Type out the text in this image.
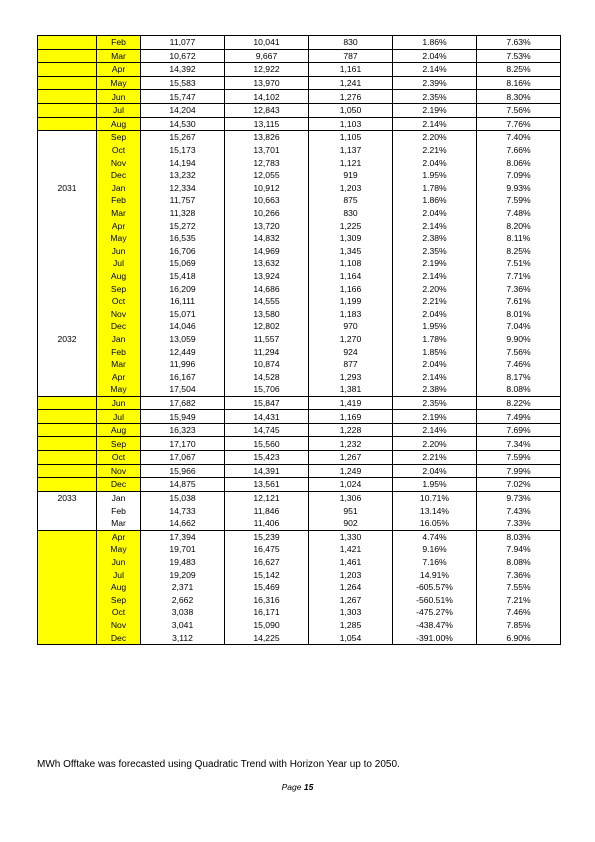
	Feb	11,077	10,041	830	1.86%	7.63%
	Mar	10,672	9,667	787	2.04%	7.53%
	Apr	14,392	12,922	1,161	2.14%	8.25%
	May	15,583	13,970	1,241	2.39%	8.16%
	Jun	15,747	14,102	1,276	2.35%	8.30%
	Jul	14,204	12,843	1,050	2.19%	7.56%
	Aug	14,530	13,115	1,103	2.14%	7.76%
	Sep	15,267	13,826	1,105	2.20%	7.40%
	Oct	15,173	13,701	1,137	2.21%	7.66%
	Nov	14,194	12,783	1,121	2.04%	8.06%
	Dec	13,232	12,055	919	1.95%	7.09%
2031	Jan	12,334	10,912	1,203	1.78%	9.93%
	Feb	11,757	10,663	875	1.86%	7.59%
	Mar	11,328	10,266	830	2.04%	7.48%
	Apr	15,272	13,720	1,225	2.14%	8.20%
	May	16,535	14,832	1,309	2.38%	8.11%
	Jun	16,706	14,969	1,345	2.35%	8.25%
	Jul	15,069	13,632	1,108	2.19%	7.51%
	Aug	15,418	13,924	1,164	2.14%	7.71%
	Sep	16,209	14,686	1,166	2.20%	7.36%
	Oct	16,111	14,555	1,199	2.21%	7.61%
	Nov	15,071	13,580	1,183	2.04%	8.01%
	Dec	14,046	12,802	970	1.95%	7.04%
2032	Jan	13,059	11,557	1,270	1.78%	9.90%
	Feb	12,449	11,294	924	1.85%	7.56%
	Mar	11,996	10,874	877	2.04%	7.46%
	Apr	16,167	14,528	1,293	2.14%	8.17%
	May	17,504	15,706	1,381	2.38%	8.08%
	Jun	17,682	15,847	1,419	2.35%	8.22%
	Jul	15,949	14,431	1,169	2.19%	7.49%
	Aug	16,323	14,745	1,228	2.14%	7.69%
	Sep	17,170	15,560	1,232	2.20%	7.34%
	Oct	17,067	15,423	1,267	2.21%	7.59%
	Nov	15,966	14,391	1,249	2.04%	7.99%
	Dec	14,875	13,561	1,024	1.95%	7.02%
2033	Jan	15,038	12,121	1,306	10.71%	9.73%
	Feb	14,733	11,846	951	13.14%	7.43%
	Mar	14,662	11,406	902	16.05%	7.33%
	Apr	17,394	15,239	1,330	4.74%	8.03%
	May	19,701	16,475	1,421	9.16%	7.94%
	Jun	19,483	16,627	1,461	7.16%	8.08%
	Jul	19,209	15,142	1,203	14.91%	7.36%
	Aug	2,371	15,469	1,264	-605.57%	7.55%
	Sep	2,662	16,316	1,267	-560.51%	7.21%
	Oct	3,038	16,171	1,303	-475.27%	7.46%
	Nov	3,041	15,090	1,285	-438.47%	7.85%
	Dec	3,112	14,225	1,054	-391.00%	6.90%
MWh Offtake was forecasted using Quadratic Trend with Horizon Year up to 2050.
Page 15
